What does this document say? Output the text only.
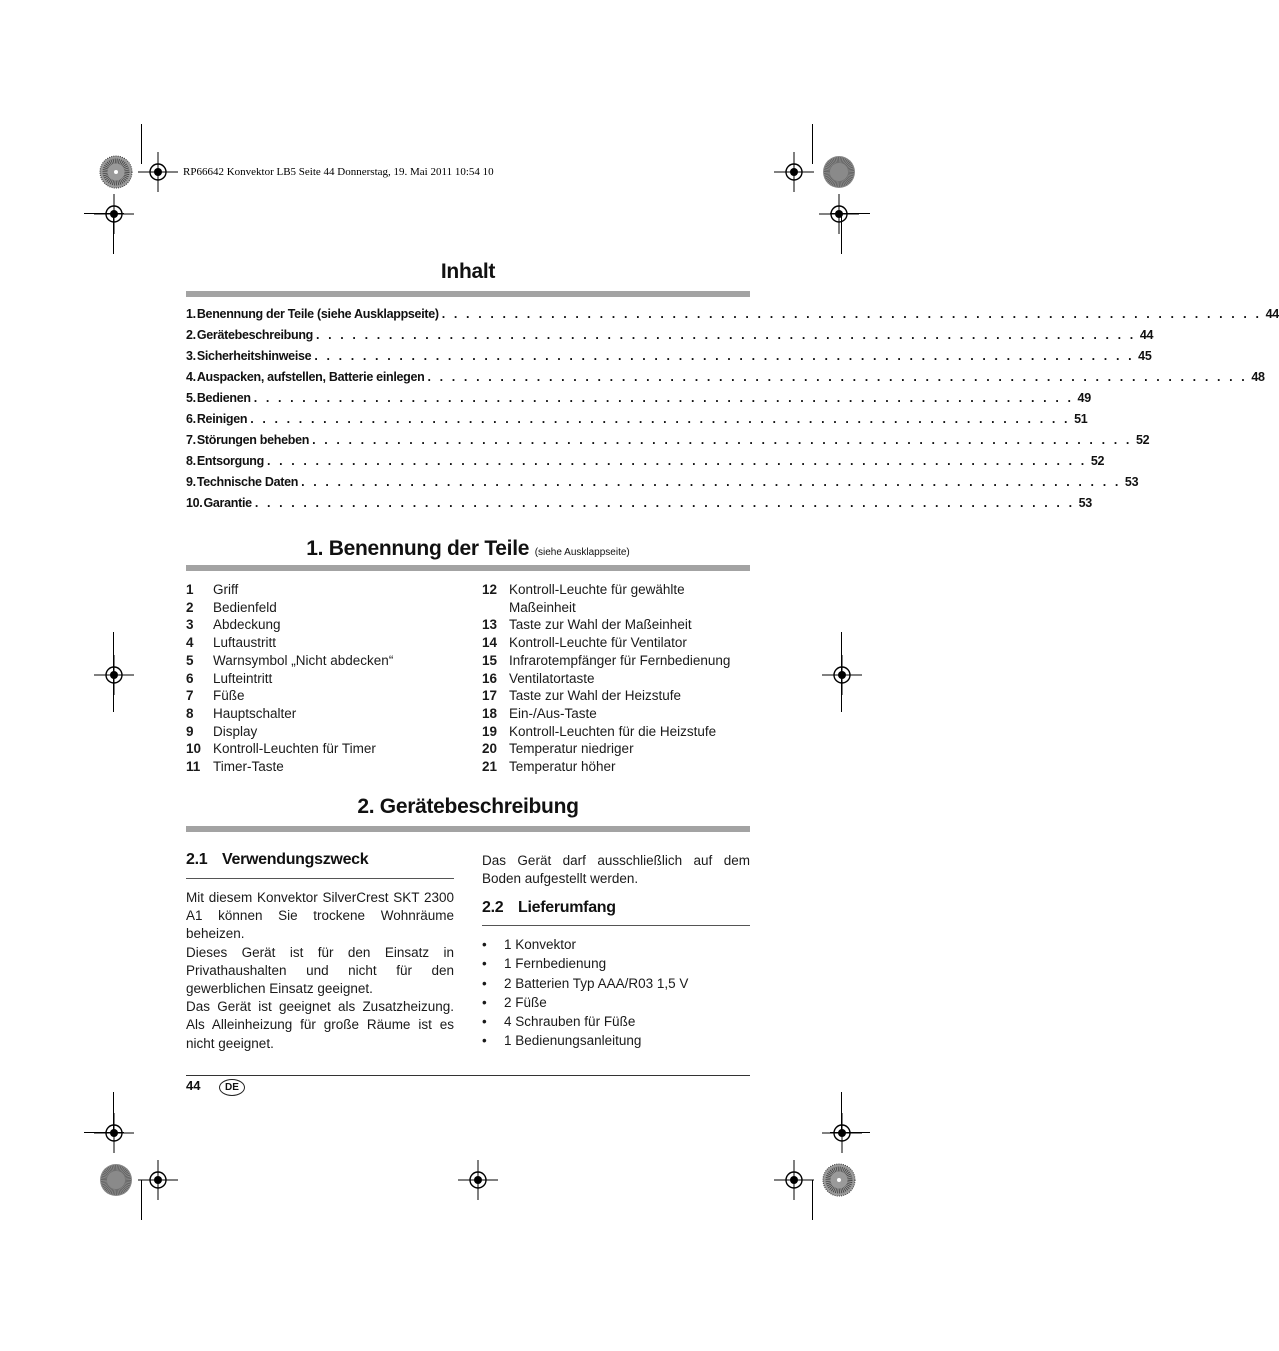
RP66642 Konvektor LB5 Seite 44 Donnerstag, 19. Mai 2011 10:54 10
Inhalt
1. Benennung der Teile (siehe Ausklappseite) . . . . . . . . . . . . . . . . . . . . . . . . . . . . . . . . . . . . . . . . . . . . . . . . . . . . . . . . . . . . . . . . . . . . 44
2. Gerätebeschreibung . . . . . . . . . . . . . . . . . . . . . . . . . . . . . . . . . . . . . . . . . . . . . . . . . . . . . . . . . . . . . . . . . . . . 44
3. Sicherheitshinweise . . . . . . . . . . . . . . . . . . . . . . . . . . . . . . . . . . . . . . . . . . . . . . . . . . . . . . . . . . . . . . . . . . . . 45
4. Auspacken, aufstellen, Batterie einlegen . . . . . . . . . . . . . . . . . . . . . . . . . . . . . . . . . . . . . . . . . . . . . . . . . . . . . . . . . . . . . . . . . . . . 48
5. Bedienen . . . . . . . . . . . . . . . . . . . . . . . . . . . . . . . . . . . . . . . . . . . . . . . . . . . . . . . . . . . . . . . . . . . . 49
6. Reinigen . . . . . . . . . . . . . . . . . . . . . . . . . . . . . . . . . . . . . . . . . . . . . . . . . . . . . . . . . . . . . . . . . . . . 51
7. Störungen beheben . . . . . . . . . . . . . . . . . . . . . . . . . . . . . . . . . . . . . . . . . . . . . . . . . . . . . . . . . . . . . . . . . . . . 52
8. Entsorgung . . . . . . . . . . . . . . . . . . . . . . . . . . . . . . . . . . . . . . . . . . . . . . . . . . . . . . . . . . . . . . . . . . . . 52
9. Technische Daten . . . . . . . . . . . . . . . . . . . . . . . . . . . . . . . . . . . . . . . . . . . . . . . . . . . . . . . . . . . . . . . . . . . . 53
10. Garantie . . . . . . . . . . . . . . . . . . . . . . . . . . . . . . . . . . . . . . . . . . . . . . . . . . . . . . . . . . . . . . . . . . . . 53
1. Benennung der Teile (siehe Ausklappseite)
1	Griff
2	Bedienfeld
3	Abdeckung
4	Luftaustritt
5	Warnsymbol „Nicht abdecken“
6	Lufteintritt
7	Füße
8	Hauptschalter
9	Display
10 Kontroll-Leuchten für Timer
11 Timer-Taste
12 Kontroll-Leuchte für gewählte Maßeinheit
13 Taste zur Wahl der Maßeinheit
14 Kontroll-Leuchte für Ventilator
15 Infrarotempfänger für Fernbedienung
16 Ventilatortaste
17 Taste zur Wahl der Heizstufe
18 Ein-/Aus-Taste
19 Kontroll-Leuchten für die Heizstufe
20 Temperatur niedriger
21 Temperatur höher
2. Gerätebeschreibung
2.1 Verwendungszweck

Mit diesem Konvektor SilverCrest SKT 2300 A1 können Sie trockene Wohnräume beheizen.

Dieses Gerät ist für den Einsatz in Privathaushalten und nicht für den gewerblichen Einsatz geeignet.

Das Gerät ist geeignet als Zusatzheizung. Als Alleinheizung für große Räume ist es nicht geeignet.

Das Gerät darf ausschließlich auf dem Boden aufgestellt werden.

2.2 Lieferumfang
•	1 Konvektor
•	1 Fernbedienung
•	2 Batterien Typ AAA/R03 1,5 V
•	2 Füße
•	4 Schrauben für Füße
•	1 Bedienungsanleitung
44	DE
